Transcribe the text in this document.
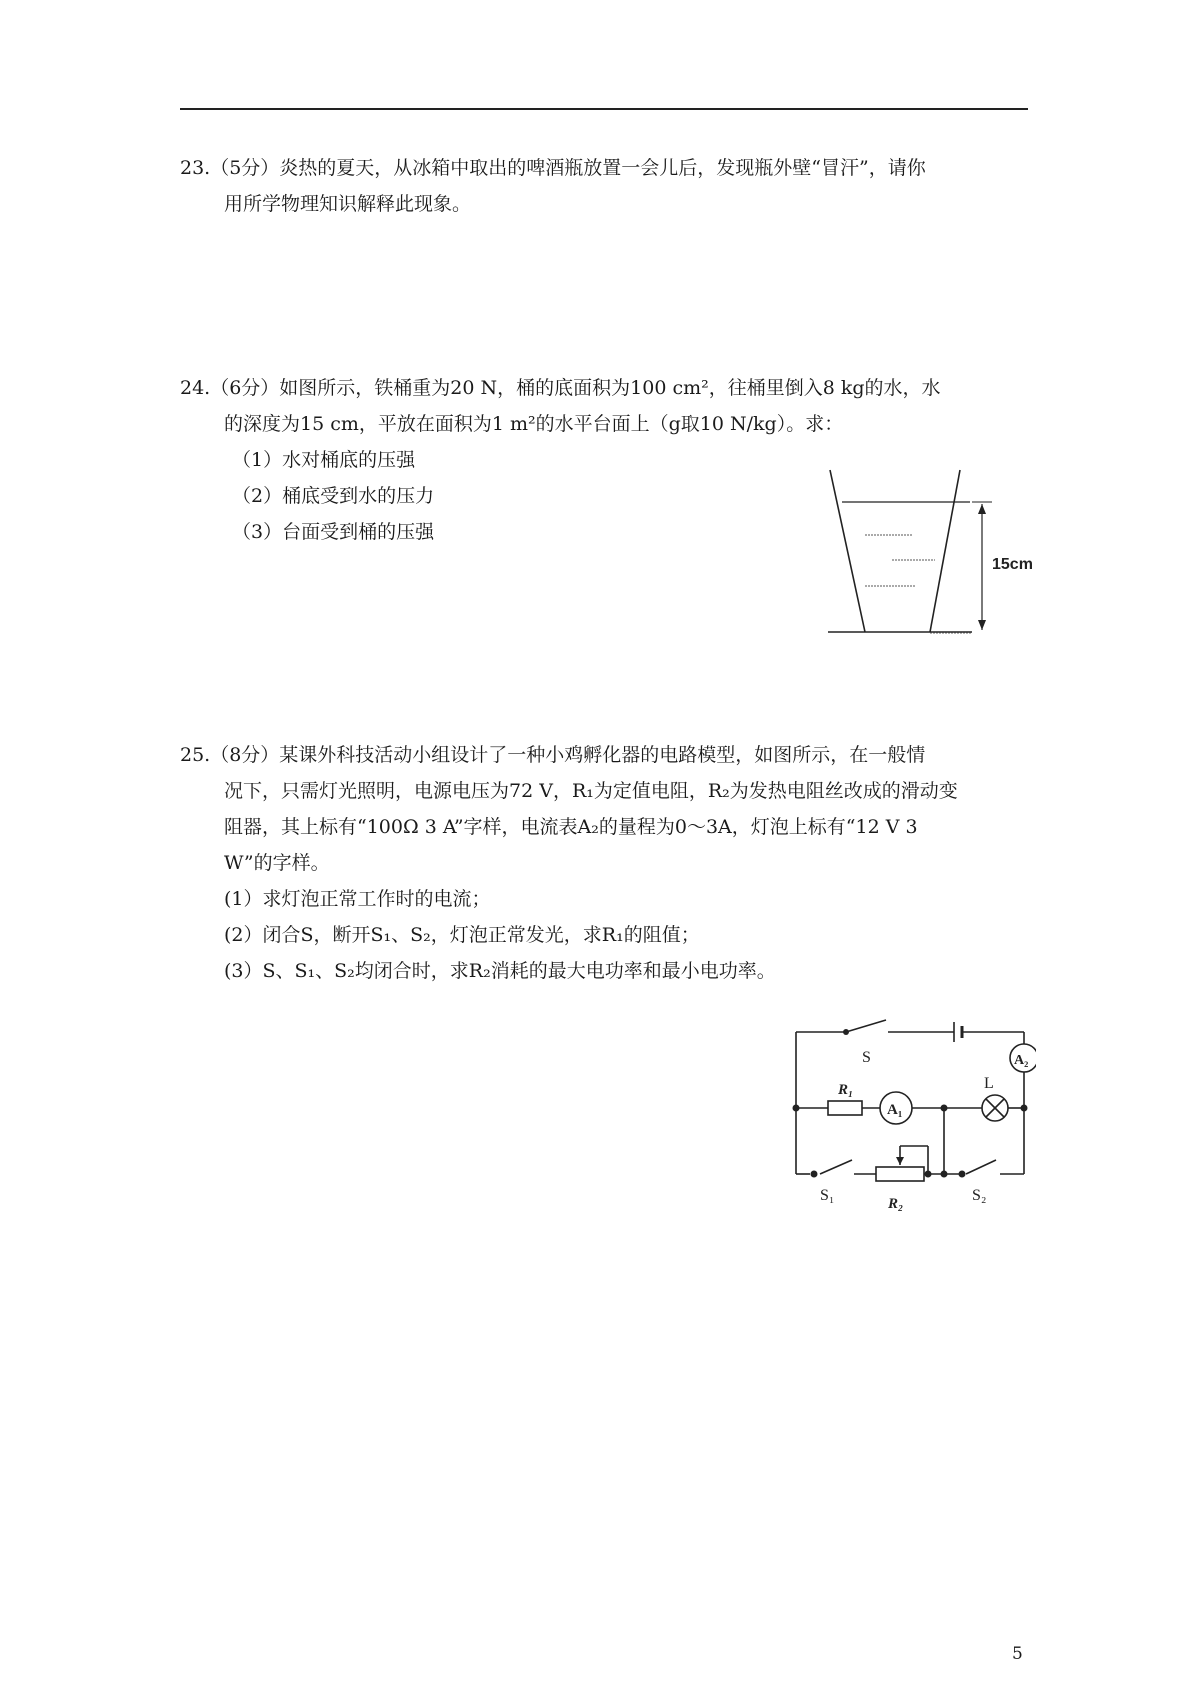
23.（5分）炎热的夏天，从冰箱中取出的啤酒瓶放置一会儿后，发现瓶外壁“冒汗”，请你

用所学物理知识解释此现象。

24.（6分）如图所示，铁桶重为20 N，桶的底面积为100 cm²，往桶里倒入8 kg的水，水

的深度为15 cm，平放在面积为1 m²的水平台面上（g取10 N/kg）。求：

（1）水对桶底的压强

（2）桶底受到水的压力

（3）台面受到桶的压强

15cm

25.（8分）某课外科技活动小组设计了一种小鸡孵化器的电路模型，如图所示，在一般情

况下，只需灯光照明，电源电压为72 V，R₁为定值电阻，R₂为发热电阻丝改成的滑动变

阻器，其上标有“100Ω 3 A”字样，电流表A₂的量程为0～3A，灯泡上标有“12 V 3

W”的字样。

(1）求灯泡正常工作时的电流；

(2）闭合S，断开S₁、S₂，灯泡正常发光，求R₁的阻值；

(3）S、S₁、S₂均闭合时，求R₂消耗的最大电功率和最小电功率。

S
R₁
A₁
A₂
L
S₁	R₂	S₂
5
